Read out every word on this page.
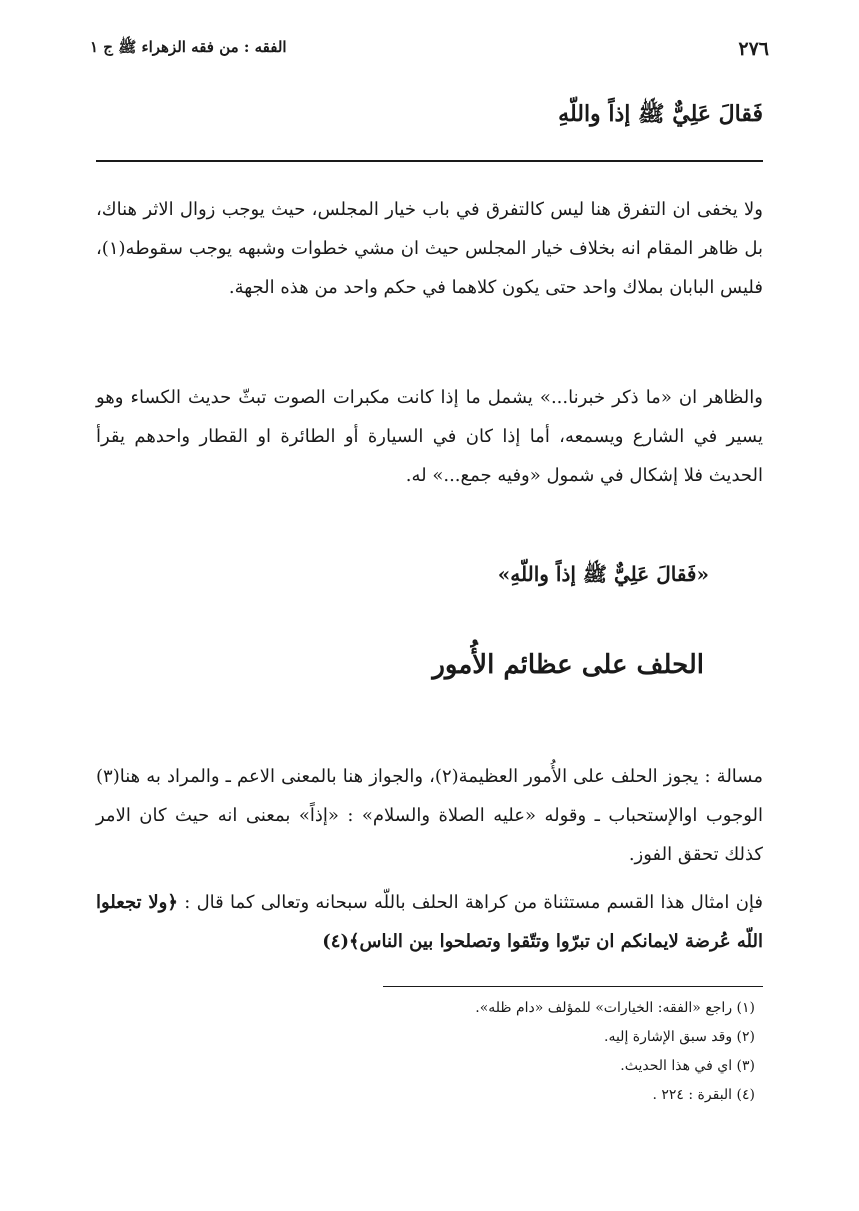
٢٧٦
الفقه : من فقه الزهراء ﷺ ج ١
فَقالَ عَلِيٌّ ﷺ إذاً واللّهِ

ولا يخفى ان التفرق هنا ليس كالتفرق في باب خيار المجلس، حيث يوجب زوال الاثر هناك، بل ظاهر المقام انه بخلاف خيار المجلس حيث ان مشي خطوات وشبهه يوجب سقوطه(١)، فليس البابان بملاك واحد حتى يكون كلاهما في حكم واحد من هذه الجهة.

والظاهر ان «ما ذكر خبرنا...» يشمل ما إذا كانت مكبرات الصوت تبثّ حديث الكساء وهو يسير في الشارع ويسمعه، أما إذا كان في السيارة أو الطائرة او القطار واحدهم يقرأ الحديث فلا إشكال في شمول «وفيه جمع...» له.

«فَقالَ عَلِيٌّ ﷺ إذاً واللّهِ»
الحلف على عظائم الأُمور

مسالة : يجوز الحلف على الأُمور العظيمة(٢)، والجواز هنا بالمعنى الاعم ـ والمراد به هنا(٣) الوجوب اوالإستحباب ـ وقوله «عليه الصلاة والسلام» : «إذاً» بمعنى انه حيث كان الامر كذلك تحقق الفوز.

فإن امثال هذا القسم مستثناة من كراهة الحلف باللّه سبحانه وتعالى كما قال : ﴿ولا تجعلوا اللّه عُرضة لايمانكم ان تبرّوا وتتّقوا وتصلحوا بين الناس﴾(٤)

(١) راجع «الفقه: الخيارات» للمؤلف «دام ظله».
(٢) وقد سبق الإشارة إليه.
(٣) اي في هذا الحديث.
(٤) البقرة : ٢٢٤ .
